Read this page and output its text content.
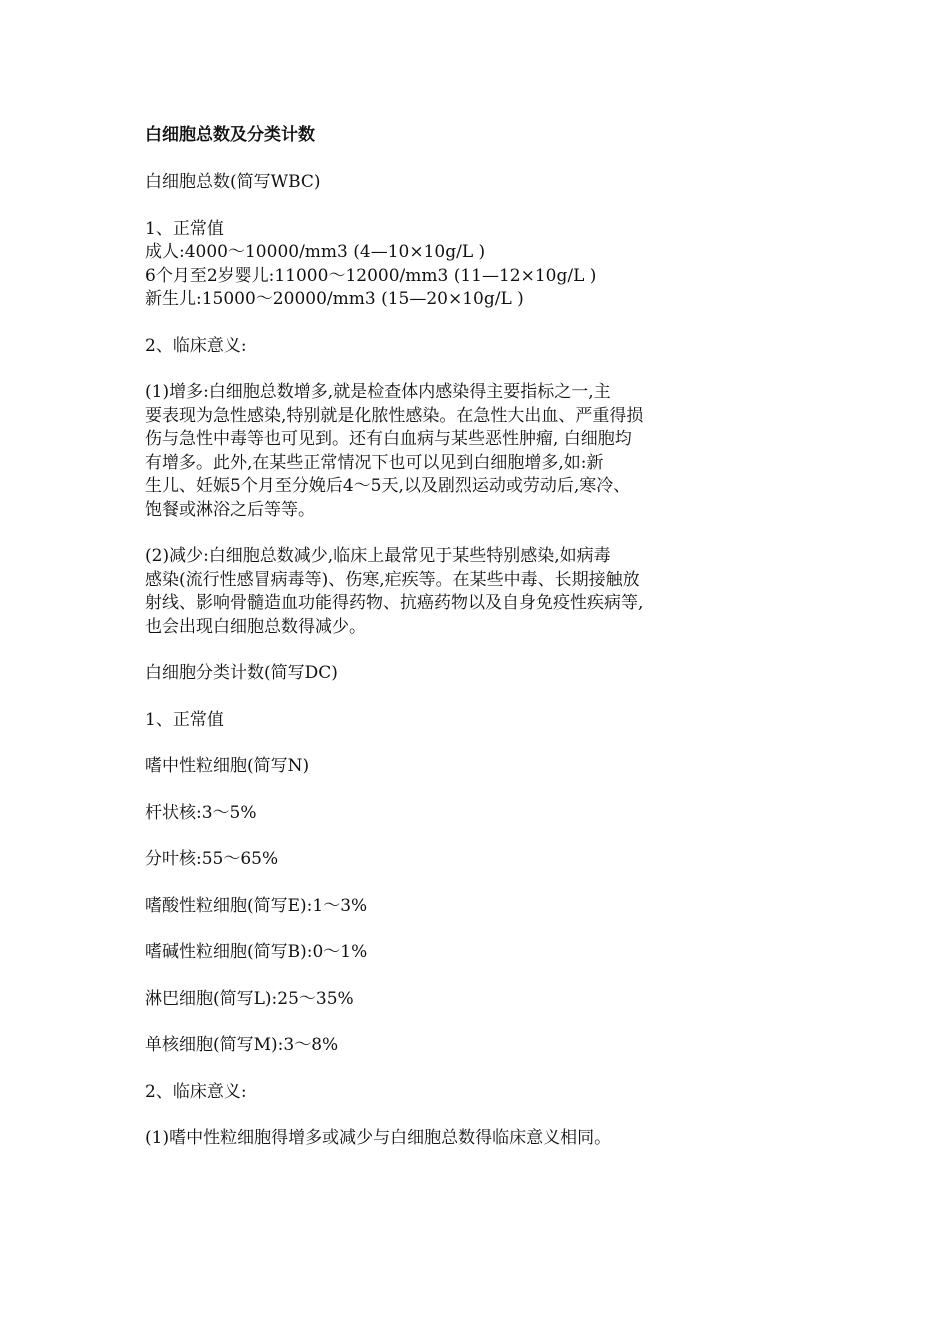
白细胞总数及分类计数

白细胞总数(简写WBC)

1、正常值

成人:4000～10000/mm3 (4—10×10g/L )

6个月至2岁婴儿:11000～12000/mm3 (11—12×10g/L )

新生儿:15000～20000/mm3 (15—20×10g/L )

2、临床意义:

(1)增多:白细胞总数增多,就是检查体内感染得主要指标之一,主

要表现为急性感染,特别就是化脓性感染。在急性大出血、严重得损

伤与急性中毒等也可见到。还有白血病与某些恶性肿瘤, 白细胞均

有增多。此外,在某些正常情况下也可以见到白细胞增多,如:新

生儿、妊娠5个月至分娩后4～5天,以及剧烈运动或劳动后,寒冷、

饱餐或淋浴之后等等。

(2)减少:白细胞总数减少,临床上最常见于某些特别感染,如病毒

感染(流行性感冒病毒等)、伤寒,疟疾等。在某些中毒、长期接触放

射线、影响骨髓造血功能得药物、抗癌药物以及自身免疫性疾病等,

也会出现白细胞总数得减少。

白细胞分类计数(简写DC)

1、正常值

嗜中性粒细胞(简写N)

杆状核:3～5%

分叶核:55～65%

嗜酸性粒细胞(简写E):1～3%

嗜碱性粒细胞(简写B):0～1%

淋巴细胞(简写L):25～35%

单核细胞(简写M):3～8%

2、临床意义:

(1)嗜中性粒细胞得增多或减少与白细胞总数得临床意义相同。
